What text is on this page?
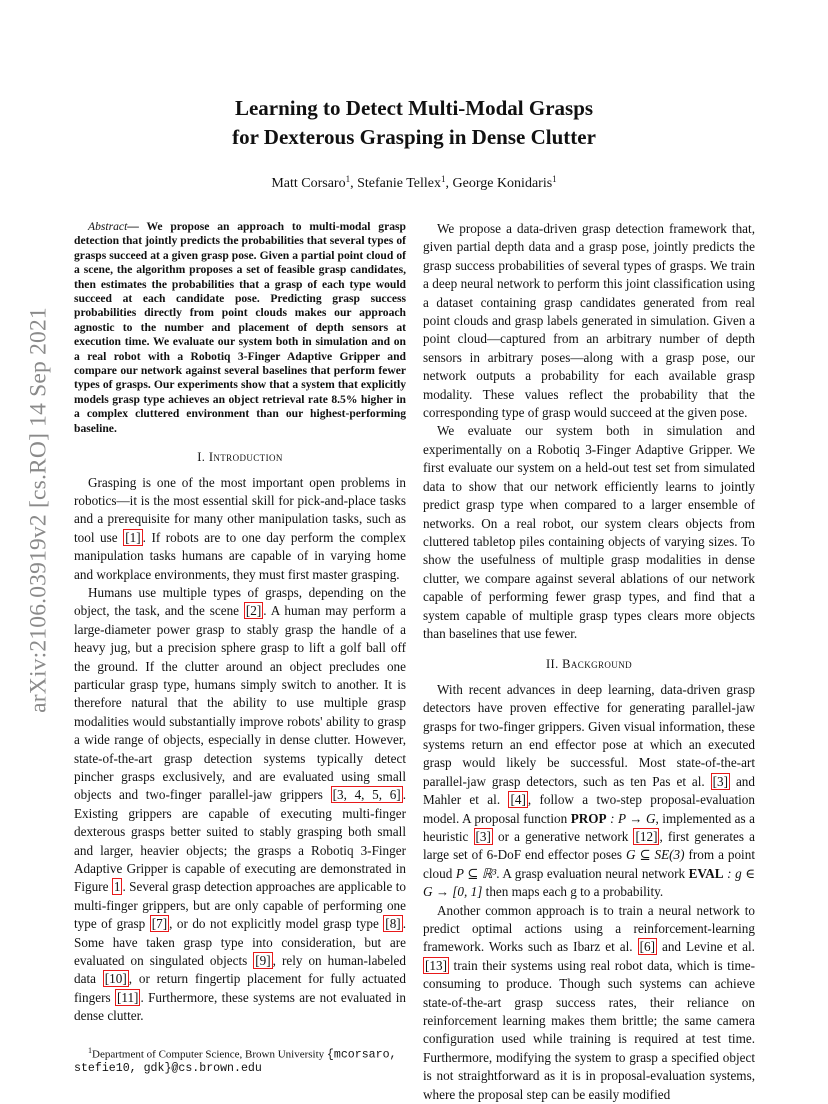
arXiv:2106.03919v2 [cs.RO] 14 Sep 2021
Learning to Detect Multi-Modal Grasps
for Dexterous Grasping in Dense Clutter
Matt Corsaro$^1$, Stefanie Tellex$^1$, George Konidaris$^1$

Abstract— We propose an approach to multi-modal grasp detection that jointly predicts the probabilities that several types of grasps succeed at a given grasp pose. Given a partial point cloud of a scene, the algorithm proposes a set of feasible grasp candidates, then estimates the probabilities that a grasp of each type would succeed at each candidate pose. Predicting grasp success probabilities directly from point clouds makes our approach agnostic to the number and placement of depth sensors at execution time. We evaluate our system both in simulation and on a real robot with a Robotiq 3-Finger Adaptive Gripper and compare our network against several baselines that perform fewer types of grasps. Our experiments show that a system that explicitly models grasp type achieves an object retrieval rate 8.5% higher in a complex cluttered environment than our highest-performing baseline.

I. Introduction

Grasping is one of the most important open problems in robotics—it is the most essential skill for pick-and-place tasks and a prerequisite for many other manipulation tasks, such as tool use [1] . If robots are to one day perform the complex manipulation tasks humans are capable of in varying home and workplace environments, they must first master grasping.

Humans use multiple types of grasps, depending on the object, the task, and the scene [2] . A human may perform a large-diameter power grasp to stably grasp the handle of a heavy jug, but a precision sphere grasp to lift a golf ball off the ground. If the clutter around an object precludes one particular grasp type, humans simply switch to another. It is therefore natural that the ability to use multiple grasp modalities would substantially improve robots' ability to grasp a wide range of objects, especially in dense clutter. However, state-of-the-art grasp detection systems typically detect pincher grasps exclusively, and are evaluated using small objects and two-finger parallel-jaw grippers [3, 4, 5, 6] . Existing grippers are capable of executing multi-finger dexterous grasps better suited to stably grasping both small and larger, heavier objects; the grasps a Robotiq 3-Finger Adaptive Gripper is capable of executing are demonstrated in Figure 1 . Several grasp detection approaches are applicable to multi-finger grippers, but are only capable of performing one type of grasp [7] , or do not explicitly model grasp type [8] . Some have taken grasp type into consideration, but are evaluated on singulated objects [9] , rely on human-labeled data [10] , or return fingertip placement for fully actuated fingers [11] . Furthermore, these systems are not evaluated in dense clutter.

$^1$Department of Computer Science, Brown University {mcorsaro, stefie10, gdk}@cs.brown.edu

We propose a data-driven grasp detection framework that, given partial depth data and a grasp pose, jointly predicts the grasp success probabilities of several types of grasps. We train a deep neural network to perform this joint classification using a dataset containing grasp candidates generated from real point clouds and grasp labels generated in simulation. Given a point cloud—captured from an arbitrary number of depth sensors in arbitrary poses—along with a grasp pose, our network outputs a probability for each available grasp modality. These values reflect the probability that the corresponding type of grasp would succeed at the given pose.

We evaluate our system both in simulation and experimentally on a Robotiq 3-Finger Adaptive Gripper. We first evaluate our system on a held-out test set from simulated data to show that our network efficiently learns to jointly predict grasp type when compared to a larger ensemble of networks. On a real robot, our system clears objects from cluttered tabletop piles containing objects of varying sizes. To show the usefulness of multiple grasp modalities in dense clutter, we compare against several ablations of our network capable of performing fewer grasp types, and find that a system capable of multiple grasp types clears more objects than baselines that use fewer.

II. Background

With recent advances in deep learning, data-driven grasp detectors have proven effective for generating parallel-jaw grasps for two-finger grippers. Given visual information, these systems return an end effector pose at which an executed grasp would likely be successful. Most state-of-the-art parallel-jaw grasp detectors, such as ten Pas et al. [3] and Mahler et al. [4] , follow a two-step proposal-evaluation model. A proposal function PROP : P → G, implemented as a heuristic [3] or a generative network [12] , first generates a large set of 6-DoF end effector poses G ⊆ SE(3) from a point cloud P ⊆ ℝ³. A grasp evaluation neural network EVAL : g ∈ G → [0, 1] then maps each g to a probability.

Another common approach is to train a neural network to predict optimal actions using a reinforcement-learning framework. Works such as Ibarz et al. [6] and Levine et al. [13] train their systems using real robot data, which is time-consuming to produce. Though such systems can achieve state-of-the-art grasp success rates, their reliance on reinforcement learning makes them brittle; the same camera configuration used while training is required at test time. Furthermore, modifying the system to grasp a specified object is not straightforward as it is in proposal-evaluation systems, where the proposal step can be easily modified
